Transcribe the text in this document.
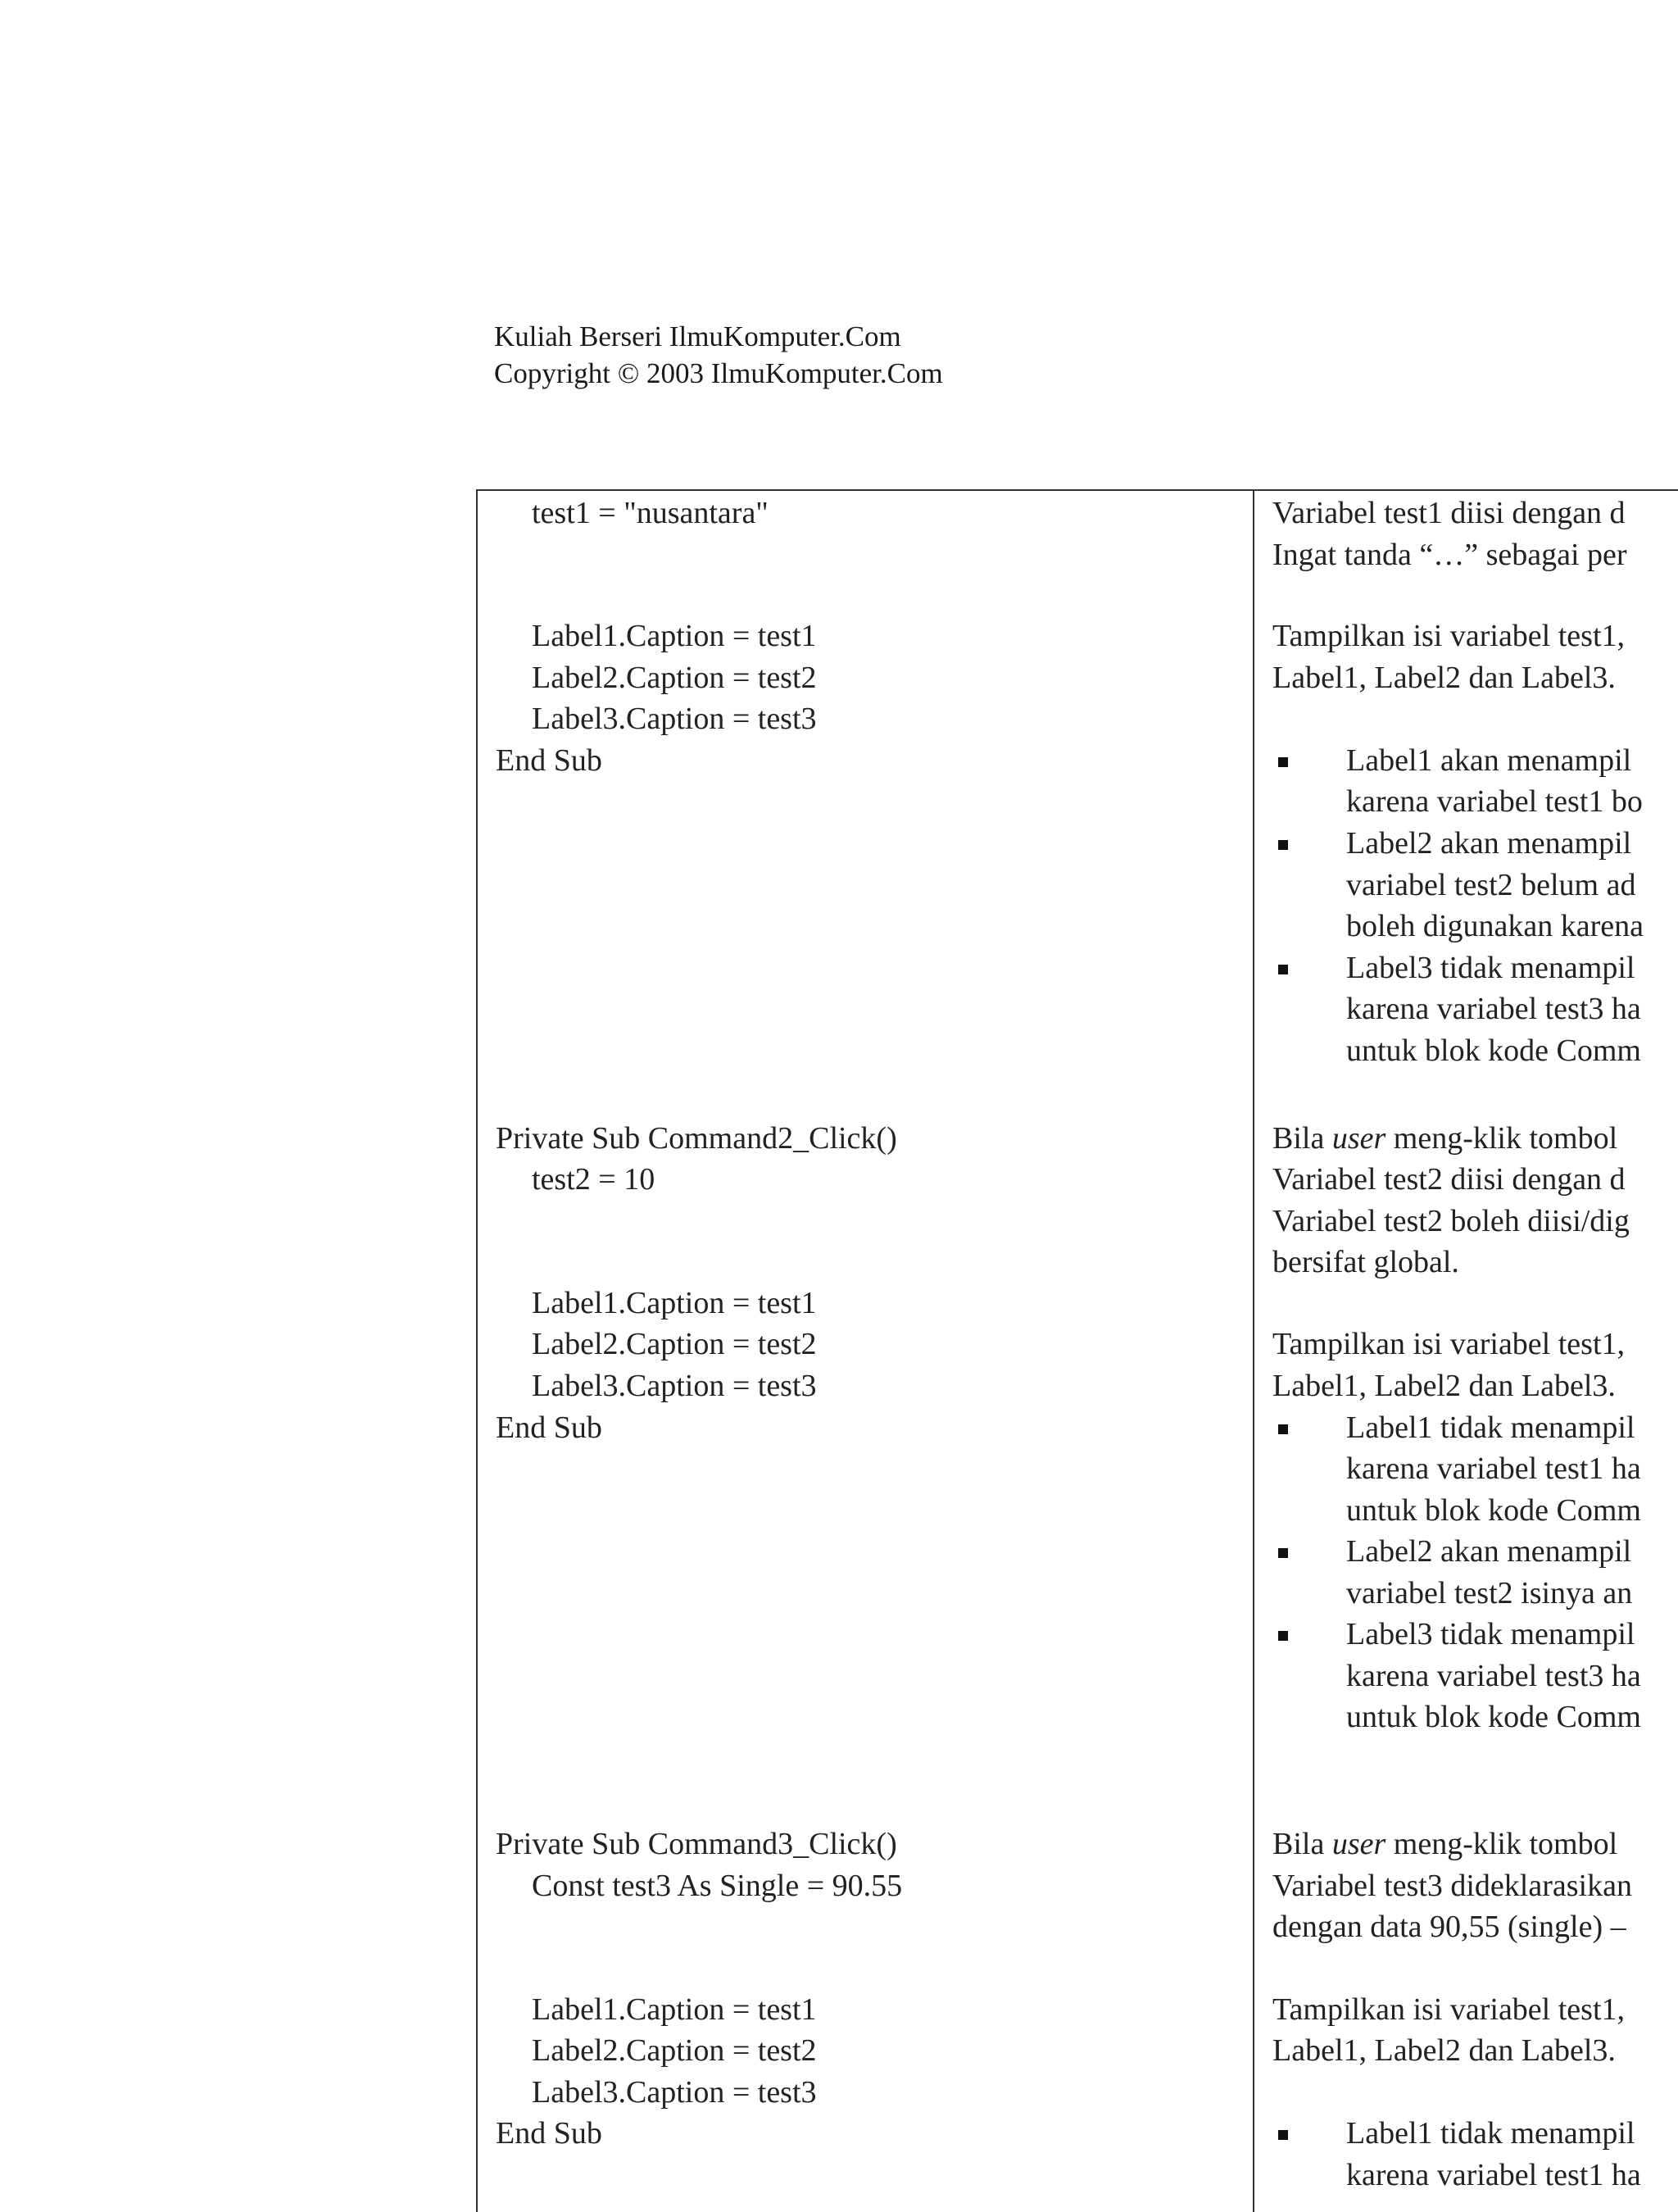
Kuliah Berseri IlmuKomputer.Com
Copyright © 2003 IlmuKomputer.Com
test1 = "nusantara"
Label1.Caption = test1
Label2.Caption = test2
Label3.Caption = test3
End Sub
Private Sub Command2_Click()
test2 = 10
Label1.Caption = test1
Label2.Caption = test2
Label3.Caption = test3
End Sub
Private Sub Command3_Click()
Const test3 As Single = 90.55
Label1.Caption = test1
Label2.Caption = test2
Label3.Caption = test3
End Sub
Variabel test1 diisi dengan d
Ingat tanda “…” sebagai per
Tampilkan isi variabel test1,
Label1, Label2 dan Label3.
Label1 akan menampil
karena variabel test1 bo
Label2 akan menampil
variabel test2 belum ad
boleh digunakan karena
Label3 tidak menampil
karena variabel test3 ha
untuk blok kode Comm
Bila user meng-klik tombol
Variabel test2 diisi dengan d
Variabel test2 boleh diisi/dig
bersifat global.
Tampilkan isi variabel test1,
Label1, Label2 dan Label3.
Label1 tidak menampil
karena variabel test1 ha
untuk blok kode Comm
Label2 akan menampil
variabel test2 isinya an
Label3 tidak menampil
karena variabel test3 ha
untuk blok kode Comm
Bila user meng-klik tombol
Variabel test3 dideklarasikan
dengan data 90,55 (single) –
Tampilkan isi variabel test1,
Label1, Label2 dan Label3.
Label1 tidak menampil
karena variabel test1 ha
